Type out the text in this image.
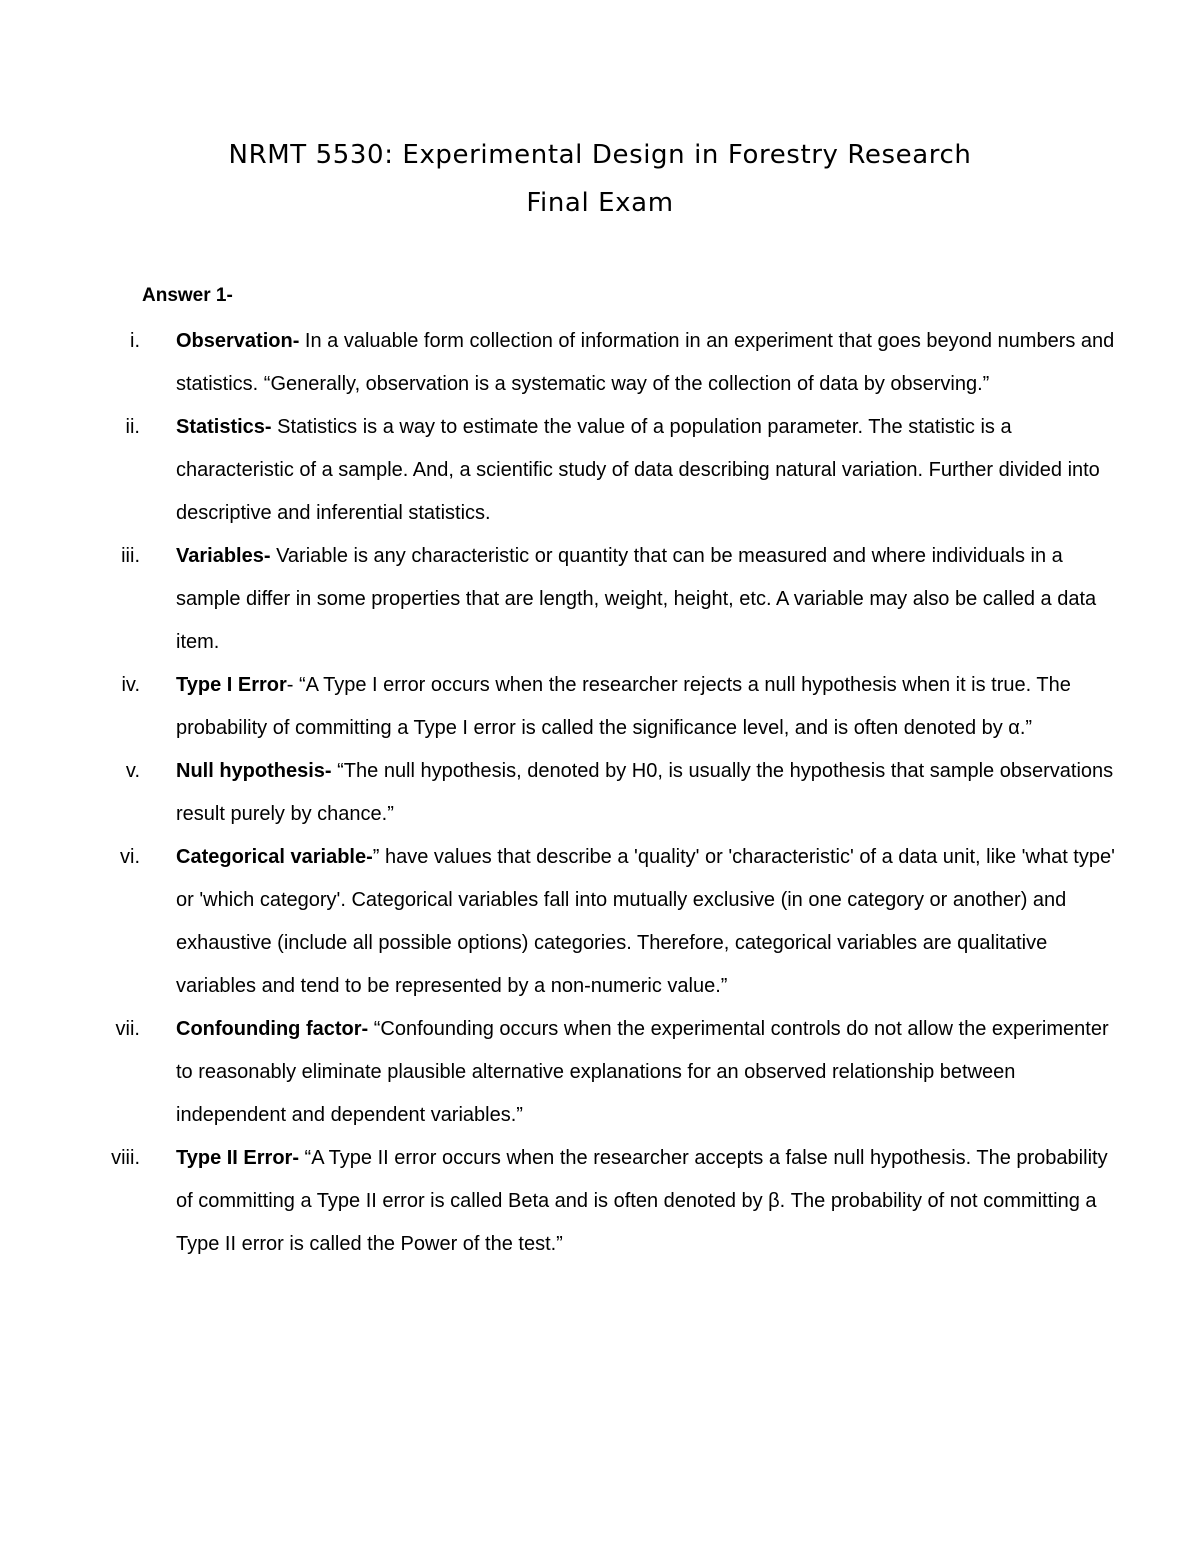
NRMT 5530: Experimental Design in Forestry Research
Final Exam

Answer 1-

i. Observation- In a valuable form collection of information in an experiment that goes beyond numbers and statistics. “Generally, observation is a systematic way of the collection of data by observing.”
ii. Statistics- Statistics is a way to estimate the value of a population parameter. The statistic is a characteristic of a sample. And, a scientific study of data describing natural variation. Further divided into descriptive and inferential statistics.
iii. Variables- Variable is any characteristic or quantity that can be measured and where individuals in a sample differ in some properties that are length, weight, height, etc. A variable may also be called a data item.
iv. Type I Error- “A Type I error occurs when the researcher rejects a null hypothesis when it is true. The probability of committing a Type I error is called the significance level, and is often denoted by α.”
v. Null hypothesis- “The null hypothesis, denoted by H0, is usually the hypothesis that sample observations result purely by chance.”
vi. Categorical variable-” have values that describe a 'quality' or 'characteristic' of a data unit, like 'what type' or 'which category'. Categorical variables fall into mutually exclusive (in one category or another) and exhaustive (include all possible options) categories. Therefore, categorical variables are qualitative variables and tend to be represented by a non-numeric value.”
vii. Confounding factor- “Confounding occurs when the experimental controls do not allow the experimenter to reasonably eliminate plausible alternative explanations for an observed relationship between independent and dependent variables.”
viii. Type II Error- “A Type II error occurs when the researcher accepts a false null hypothesis. The probability of committing a Type II error is called Beta and is often denoted by β. The probability of not committing a Type II error is called the Power of the test.”
